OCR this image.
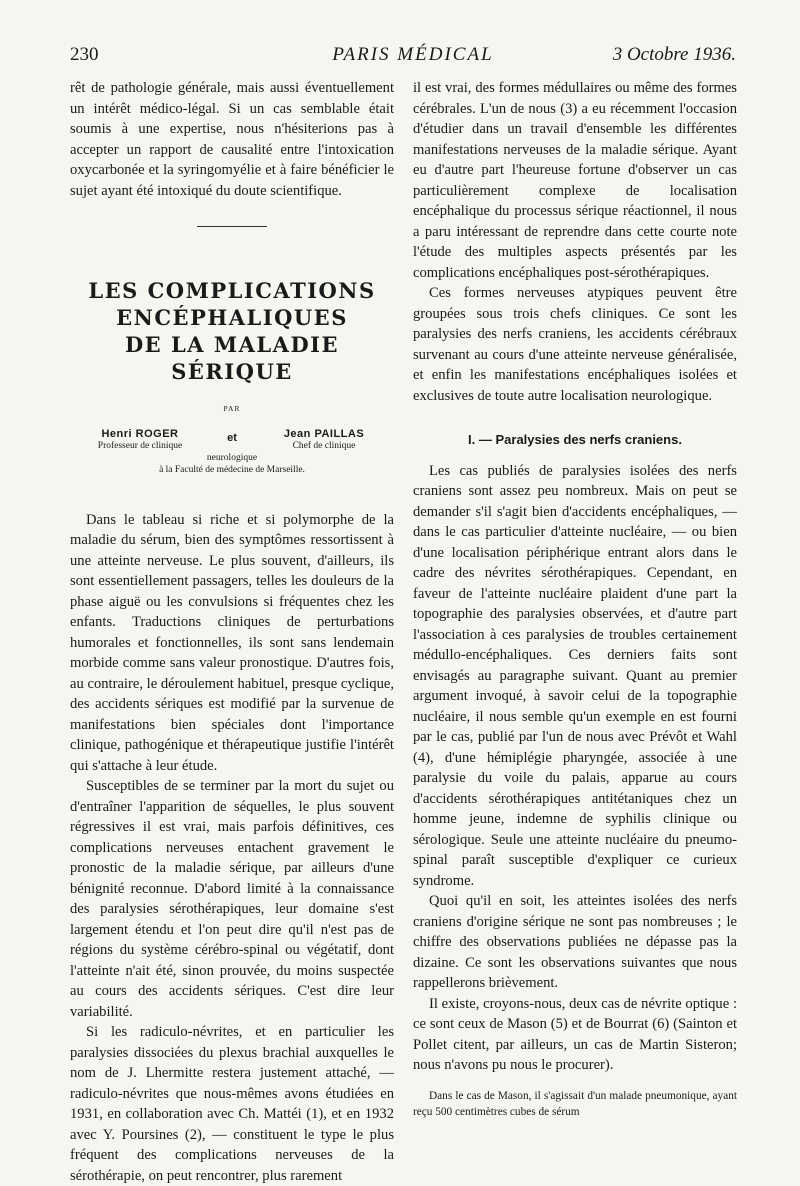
230	PARIS MÉDICAL	3 Octobre 1936.

rêt de pathologie générale, mais aussi éventuellement un intérêt médico-légal. Si un cas semblable était soumis à une expertise, nous n'hésiterions pas à accepter un rapport de causalité entre l'intoxication oxycarbonée et la syringomyélie et à faire bénéficier le sujet ayant été intoxiqué du doute scientifique.

LES COMPLICATIONS
ENCÉPHALIQUES
DE LA MALADIE SÉRIQUE
PAR
Henri ROGER
Professeur de clinique
et	Jean PAILLAS
Chef de clinique
neurologique
à la Faculté de médecine de Marseille.

Dans le tableau si riche et si polymorphe de la maladie du sérum, bien des symptômes ressortissent à une atteinte nerveuse. Le plus souvent, d'ailleurs, ils sont essentiellement passagers, telles les douleurs de la phase aiguë ou les convulsions si fréquentes chez les enfants. Traductions cliniques de perturbations humorales et fonctionnelles, ils sont sans lendemain morbide comme sans valeur pronostique. D'autres fois, au contraire, le déroulement habituel, presque cyclique, des accidents sériques est modifié par la survenue de manifestations bien spéciales dont l'importance clinique, pathogénique et thérapeutique justifie l'intérêt qui s'attache à leur étude.

Susceptibles de se terminer par la mort du sujet ou d'entraîner l'apparition de séquelles, le plus souvent régressives il est vrai, mais parfois définitives, ces complications nerveuses entachent gravement le pronostic de la maladie sérique, par ailleurs d'une bénignité reconnue. D'abord limité à la connaissance des paralysies sérothérapiques, leur domaine s'est largement étendu et l'on peut dire qu'il n'est pas de régions du système cérébro-spinal ou végétatif, dont l'atteinte n'ait été, sinon prouvée, du moins suspectée au cours des accidents sériques. C'est dire leur variabilité.

Si les radiculo-névrites, et en particulier les paralysies dissociées du plexus brachial auxquelles le nom de J. Lhermitte restera justement attaché, — radiculo-névrites que nous-mêmes avons étudiées en 1931, en collaboration avec Ch. Mattéi (1), et en 1932 avec Y. Poursines (2), — constituent le type le plus fréquent des complications nerveuses de la sérothérapie, on peut rencontrer, plus rarement

il est vrai, des formes médullaires ou même des formes cérébrales. L'un de nous (3) a eu récemment l'occasion d'étudier dans un travail d'ensemble les différentes manifestations nerveuses de la maladie sérique. Ayant eu d'autre part l'heureuse fortune d'observer un cas particulièrement complexe de localisation encéphalique du processus sérique réactionnel, il nous a paru intéressant de reprendre dans cette courte note l'étude des multiples aspects présentés par les complications encéphaliques post-sérothérapiques.

Ces formes nerveuses atypiques peuvent être groupées sous trois chefs cliniques. Ce sont les paralysies des nerfs craniens, les accidents cérébraux survenant au cours d'une atteinte nerveuse généralisée, et enfin les manifestations encéphaliques isolées et exclusives de toute autre localisation neurologique.

I. — Paralysies des nerfs craniens.

Les cas publiés de paralysies isolées des nerfs craniens sont assez peu nombreux. Mais on peut se demander s'il s'agit bien d'accidents encéphaliques, — dans le cas particulier d'atteinte nucléaire, — ou bien d'une localisation périphérique entrant alors dans le cadre des névrites sérothérapiques. Cependant, en faveur de l'atteinte nucléaire plaident d'une part la topographie des paralysies observées, et d'autre part l'association à ces paralysies de troubles certainement médullo-encéphaliques. Ces derniers faits sont envisagés au paragraphe suivant. Quant au premier argument invoqué, à savoir celui de la topographie nucléaire, il nous semble qu'un exemple en est fourni par le cas, publié par l'un de nous avec Prévôt et Wahl (4), d'une hémiplégie pharyngée, associée à une paralysie du voile du palais, apparue au cours d'accidents sérothérapiques antitétaniques chez un homme jeune, indemne de syphilis clinique ou sérologique. Seule une atteinte nucléaire du pneumo-spinal paraît susceptible d'expliquer ce curieux syndrome.

Quoi qu'il en soit, les atteintes isolées des nerfs craniens d'origine sérique ne sont pas nombreuses ; le chiffre des observations publiées ne dépasse pas la dizaine. Ce sont les observations suivantes que nous rappellerons brièvement.

Il existe, croyons-nous, deux cas de névrite optique : ce sont ceux de Mason (5) et de Bourrat (6) (Sainton et Pollet citent, par ailleurs, un cas de Martin Sisteron; nous n'avons pu nous le procurer).

Dans le cas de Mason, il s'agissait d'un malade pneumonique, ayant reçu 500 centimètres cubes de sérum
